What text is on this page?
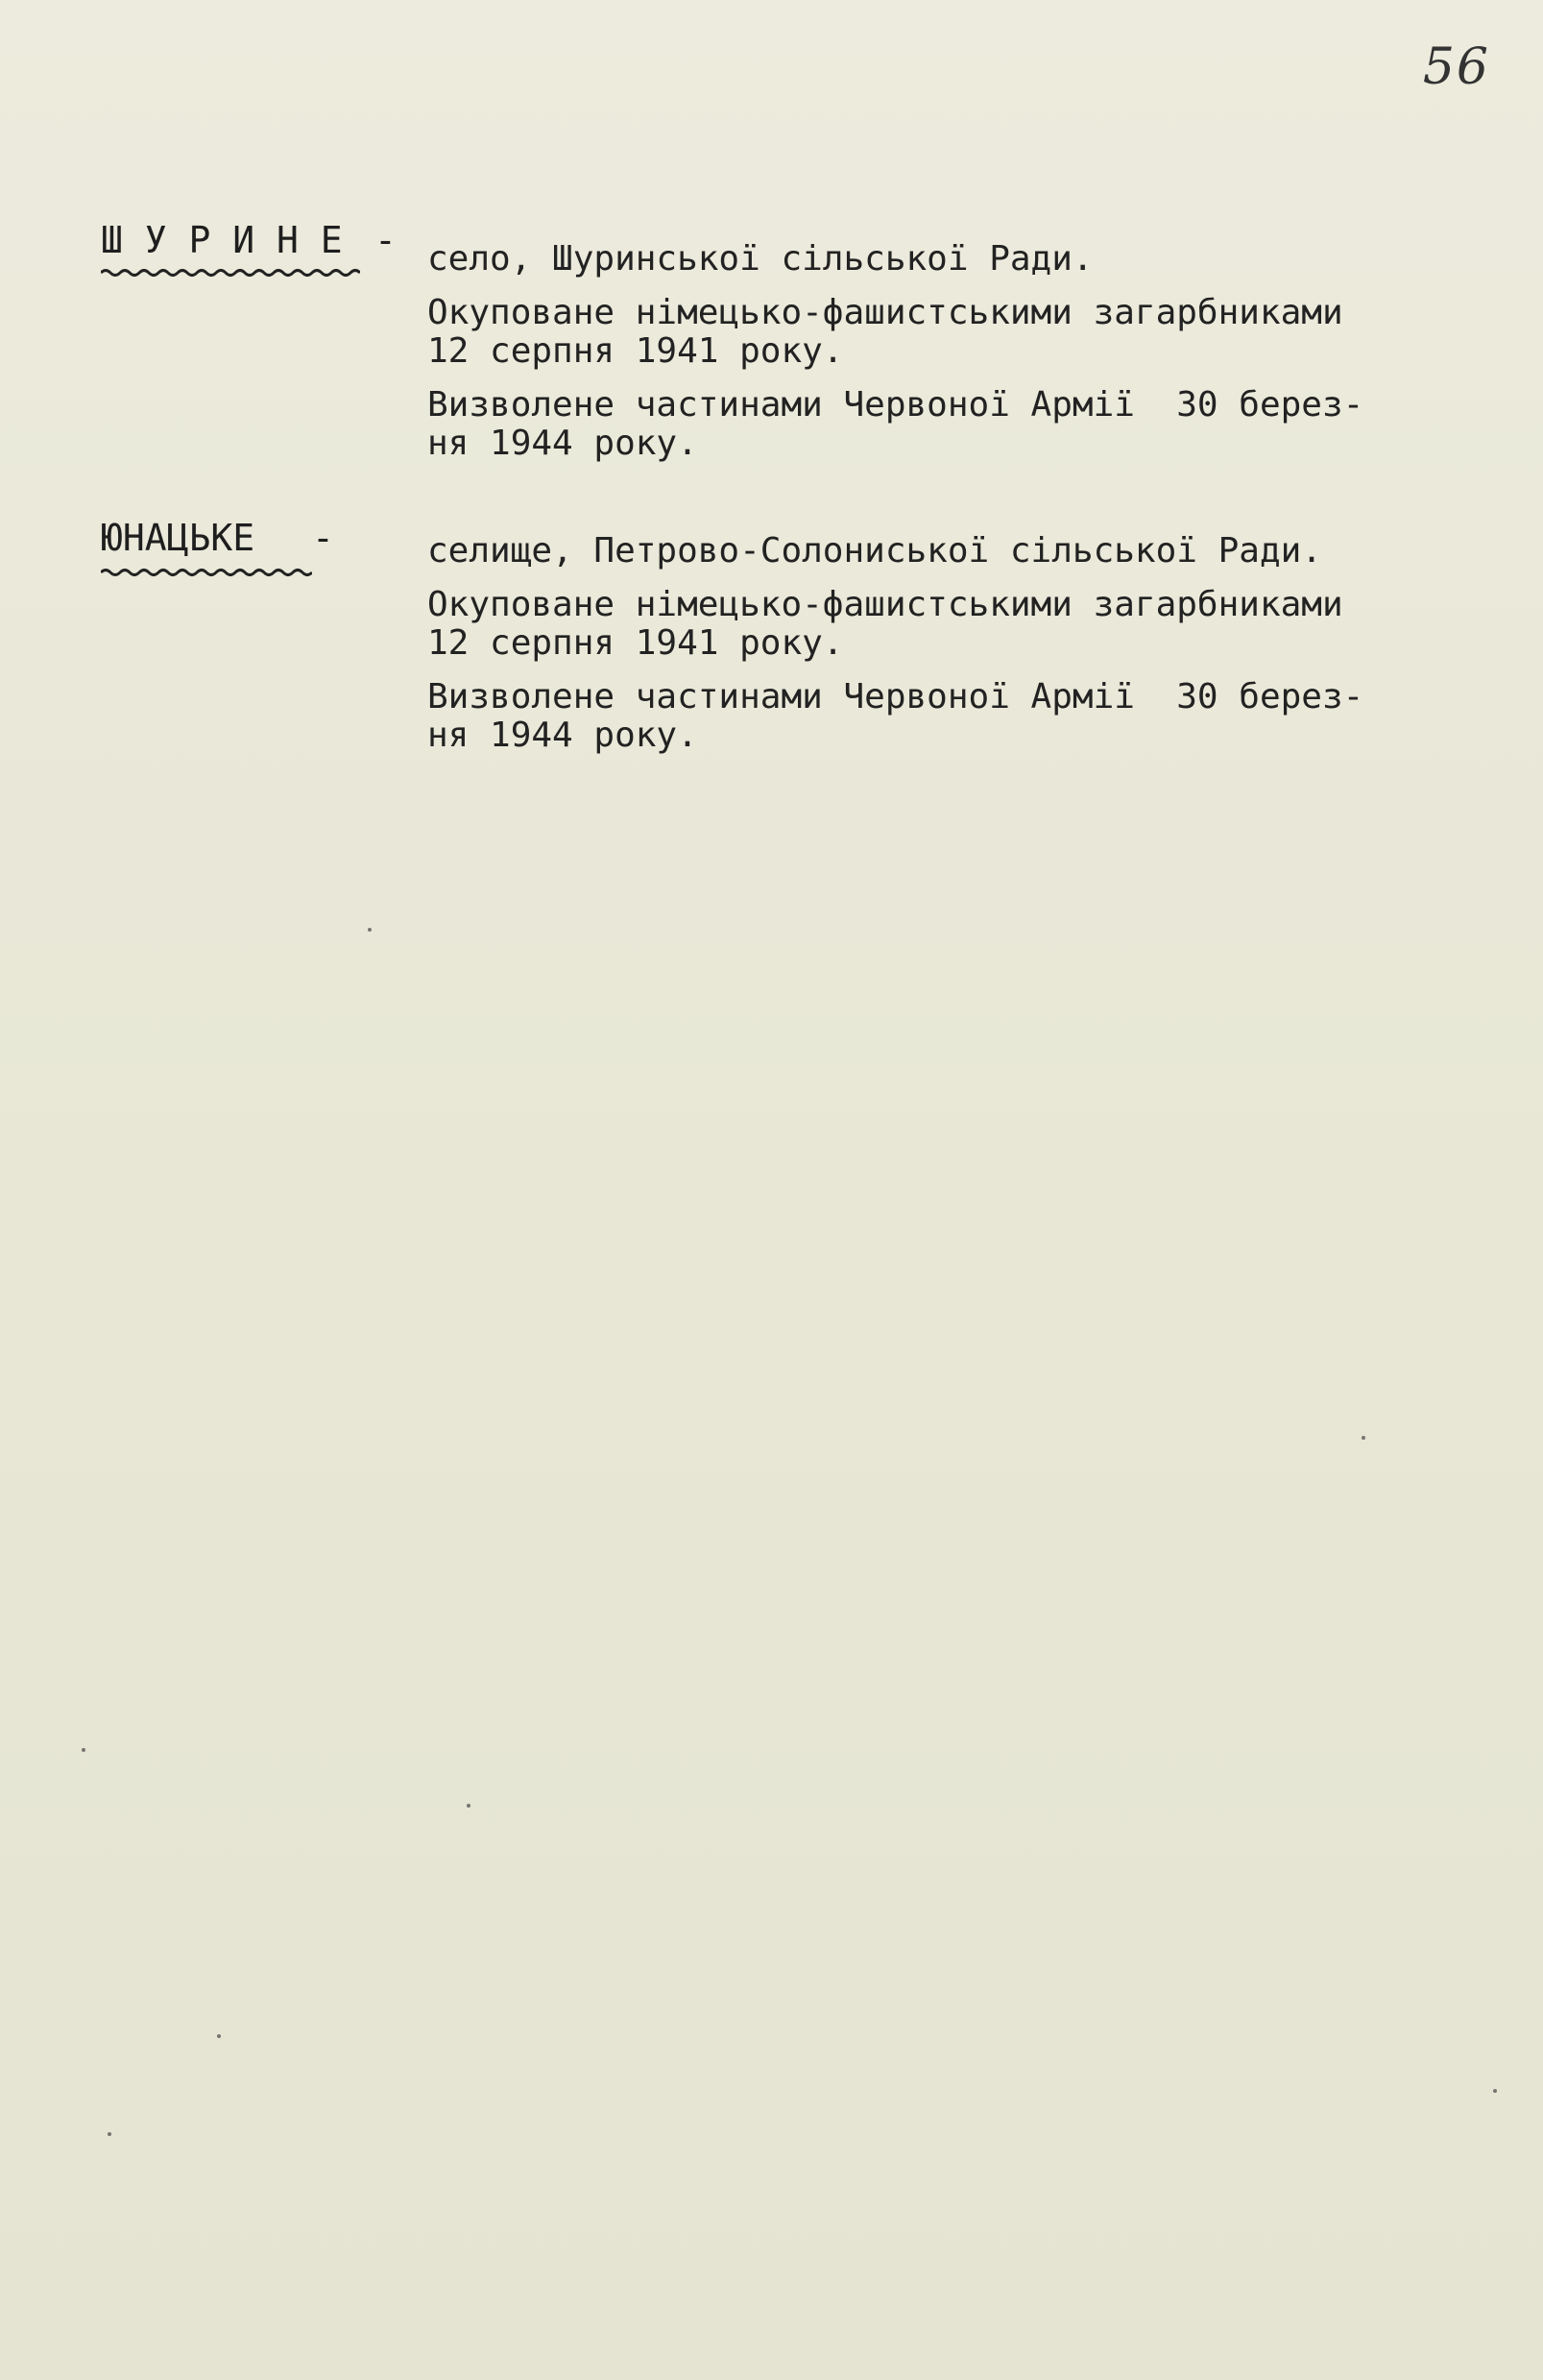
56
Ш У Р И Н Е - село, Шуринської сільської Ради.

Окуповане німецько-фашистськими загарбниками
12 серпня 1941 року.

Визволене частинами Червоної Армії  30 берез-
ня 1944 року.

ЮНАЦЬКЕ -	селище, Петрово-Солониської сільської Ради.

Окуповане німецько-фашистськими загарбниками
12 серпня 1941 року.

Визволене частинами Червоної Армії  30 берез-
ня 1944 року.
